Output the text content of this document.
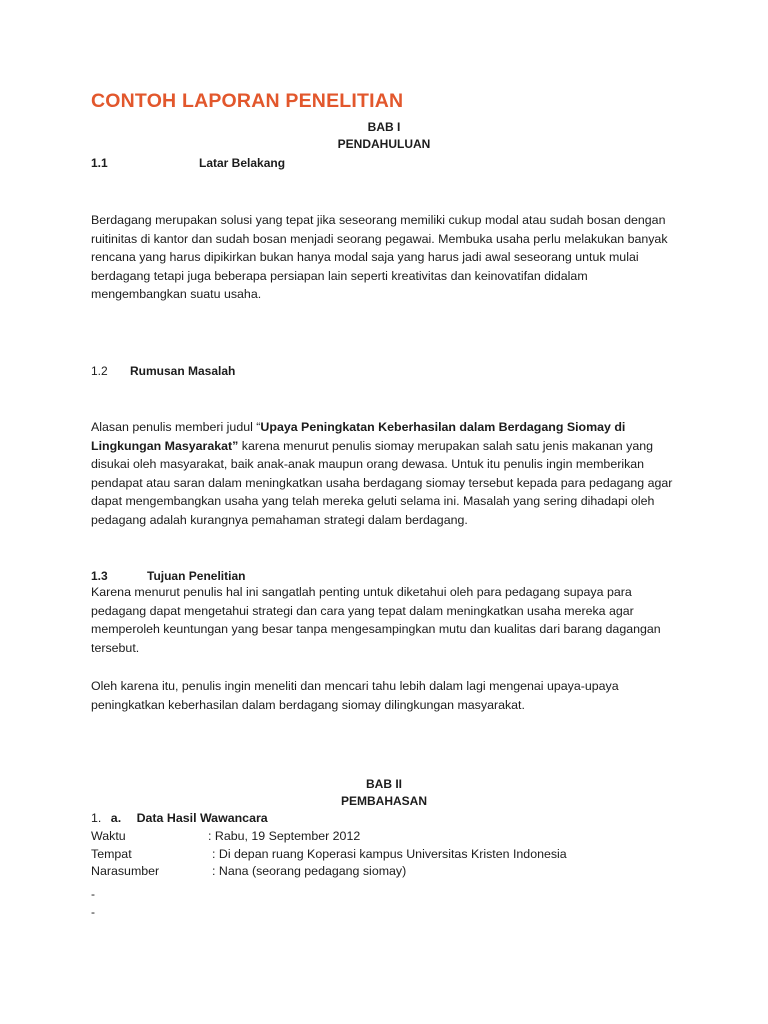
CONTOH LAPORAN PENELITIAN
BAB I
PENDAHULUAN
1.1	Latar Belakang

Berdagang merupakan solusi yang tepat jika seseorang memiliki cukup modal atau sudah bosan dengan ruitinitas di kantor dan sudah bosan menjadi seorang pegawai. Membuka usaha perlu melakukan banyak rencana yang harus dipikirkan bukan hanya modal saja yang harus jadi awal seseorang untuk mulai berdagang tetapi juga beberapa persiapan lain seperti kreativitas dan keinovatifan didalam mengembangkan suatu usaha.

1.2 Rumusan Masalah

Alasan penulis memberi judul “Upaya Peningkatan Keberhasilan dalam Berdagang Siomay di Lingkungan Masyarakat” karena menurut penulis siomay merupakan salah satu jenis makanan yang disukai oleh masyarakat, baik anak-anak maupun orang dewasa. Untuk itu penulis ingin memberikan pendapat atau saran dalam meningkatkan usaha berdagang siomay tersebut kepada para pedagang agar dapat mengembangkan usaha yang telah mereka geluti selama ini. Masalah yang sering dihadapi oleh pedagang adalah kurangnya pemahaman strategi dalam berdagang.

1.3	Tujuan Penelitian

Karena menurut penulis hal ini sangatlah penting untuk diketahui oleh para pedagang supaya para pedagang dapat mengetahui strategi dan cara yang tepat dalam meningkatkan usaha mereka agar memperoleh keuntungan yang besar tanpa mengesampingkan mutu dan kualitas dari barang dagangan tersebut.

Oleh karena itu, penulis ingin meneliti dan mencari tahu lebih dalam lagi mengenai upaya-upaya peningkatkan keberhasilan dalam berdagang siomay dilingkungan masyarakat.

BAB II
PEMBAHASAN
1. a. Data Hasil Wawancara
Waktu	: Rabu, 19 September 2012
Tempat	: Di depan ruang Koperasi kampus Universitas Kristen Indonesia
Narasumber	: Nana (seorang pedagang siomay)
-
-
